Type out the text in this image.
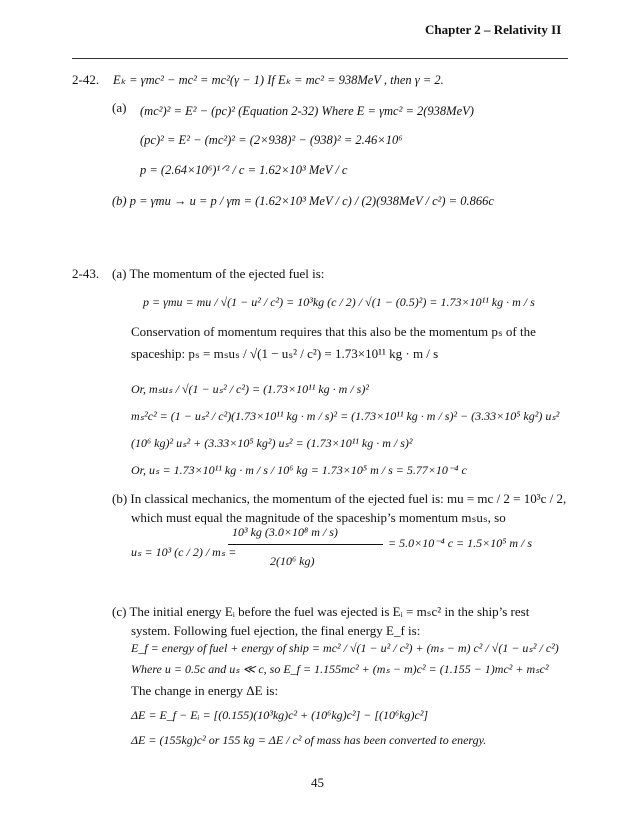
Chapter 2 – Relativity II
2-42. Eₖ = γmc² − mc² = mc²(γ − 1) If Eₖ = mc² = 938MeV , then γ = 2.
(a) (mc²)² = E² − (pc)² (Equation 2-32) Where E = γmc² = 2(938MeV)
(pc)² = E² − (mc²)² = (2×938)² − (938)² = 2.46×10⁶
p = (2.64×10⁶)¹ᐟ² / c = 1.62×10³ MeV / c
(b) p = γmu → u = p / γm = (1.62×10³ MeV / c) / (2)(938MeV / c²) = 0.866c
2-43. (a) The momentum of the ejected fuel is:
p = γmu = mu / √(1 − u² / c²) = 10³kg (c / 2) / √(1 − (0.5)²) = 1.73×10¹¹ kg · m / s
Conservation of momentum requires that this also be the momentum pₛ of the
spaceship: pₛ = mₛuₛ / √(1 − uₛ² / c²) = 1.73×10¹¹ kg · m / s
Or, mₛuₛ / √(1 − uₛ² / c²) = (1.73×10¹¹ kg · m / s)²
mₛ²c² = (1 − uₛ² / c²)(1.73×10¹¹ kg · m / s)² = (1.73×10¹¹ kg · m / s)² − (3.33×10⁵ kg²) uₛ²
(10⁶ kg)² uₛ² + (3.33×10⁵ kg²) uₛ² = (1.73×10¹¹ kg · m / s)²
Or, uₛ = 1.73×10¹¹ kg · m / s / 10⁶ kg = 1.73×10⁵ m / s = 5.77×10⁻⁴ c
(b) In classical mechanics, the momentum of the ejected fuel is: mu = mc / 2 = 10³c / 2,
which must equal the magnitude of the spaceship’s momentum mₛuₛ, so
uₛ = 10³ (c / 2) / mₛ =
10³ kg (3.0×10⁸ m / s)
2(10⁶ kg)
= 5.0×10⁻⁴ c = 1.5×10⁵ m / s
(c) The initial energy Eᵢ before the fuel was ejected is Eᵢ = mₛc² in the ship’s rest
system. Following fuel ejection, the final energy E_f is:
E_f = energy of fuel + energy of ship = mc² / √(1 − u² / c²) + (mₛ − m) c² / √(1 − uₛ² / c²)
Where u = 0.5c and uₛ ≪ c, so E_f = 1.155mc² + (mₛ − m)c² = (1.155 − 1)mc² + mₛc²
The change in energy ΔE is:
ΔE = E_f − Eᵢ = [(0.155)(10³kg)c² + (10⁶kg)c²] − [(10⁶kg)c²]
ΔE = (155kg)c² or 155 kg = ΔE / c² of mass has been converted to energy.
45
